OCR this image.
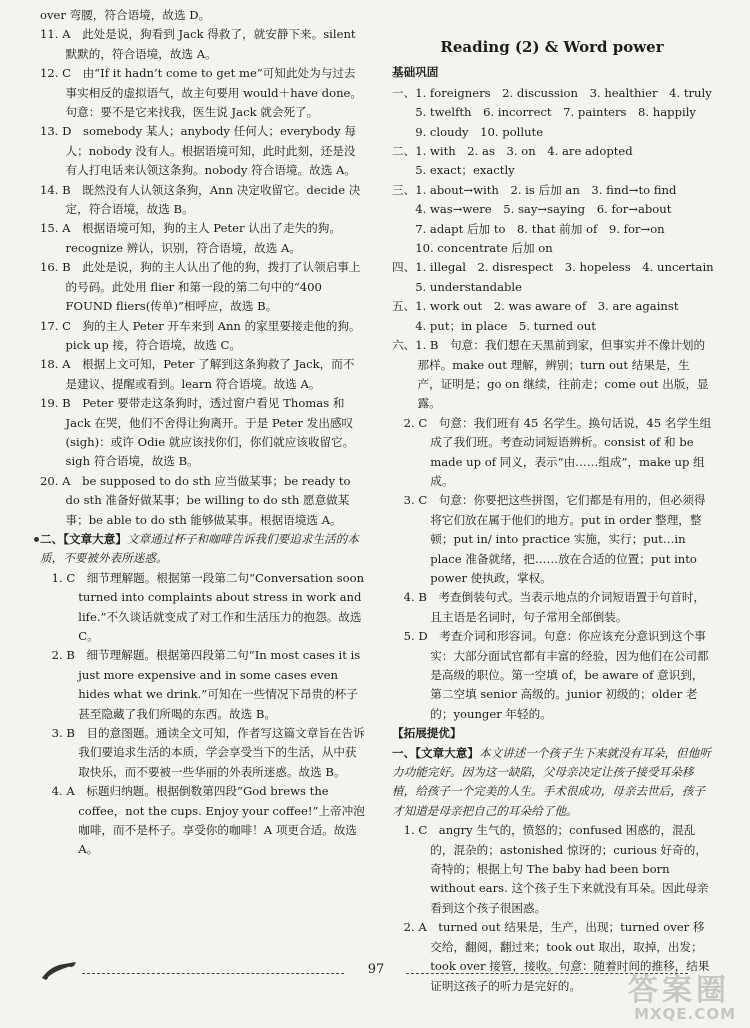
over 弯腰，符合语境，故选 D。

11. A　此处是说，狗看到 Jack 得救了，就安静下来。silent 默默的，符合语境，故选 A。

12. C　由“If it hadn’t come to get me”可知此处为与过去事实相反的虚拟语气，故主句要用 would＋have done。句意：要不是它来找我，医生说 Jack 就会死了。

13. D　somebody 某人；anybody 任何人；everybody 每人；nobody 没有人。根据语境可知，此时此刻，还是没有人打电话来认领这条狗。nobody 符合语境。故选 A。

14. B　既然没有人认领这条狗，Ann 决定收留它。decide 决定，符合语境，故选 B。

15. A　根据语境可知，狗的主人 Peter 认出了走失的狗。recognize 辨认，识别，符合语境，故选 A。

16. B　此处是说，狗的主人认出了他的狗，拨打了认领启事上的号码。此处用 flier 和第一段的第二句中的“400 FOUND fliers(传单)”相呼应，故选 B。

17. C　狗的主人 Peter 开车来到 Ann 的家里要接走他的狗。pick up 接，符合语境，故选 C。

18. A　根据上文可知，Peter 了解到这条狗救了 Jack，而不是建议、提醒或看到。learn 符合语境。故选 A。

19. B　Peter 要带走这条狗时，透过窗户看见 Thomas 和 Jack 在哭，他们不舍得让狗离开。于是 Peter 发出感叹(sigh)：或许 Odie 就应该找你们，你们就应该收留它。sigh 符合语境，故选 B。

20. A　be supposed to do sth 应当做某事；be ready to do sth 准备好做某事；be willing to do sth 愿意做某事；be able to do sth 能够做某事。根据语境选 A。

二、【文章大意】文章通过杯子和咖啡告诉我们要追求生活的本质，不要被外表所迷惑。

1. C　细节理解题。根据第一段第二句“Conversation soon turned into complaints about stress in work and life.”不久谈话就变成了对工作和生活压力的抱怨。故选 C。

2. B　细节理解题。根据第四段第二句“In most cases it is just more expensive and in some cases even hides what we drink.”可知在一些情况下昂贵的杯子甚至隐藏了我们所喝的东西。故选 B。

3. B　目的意图题。通读全文可知，作者写这篇文章旨在告诉我们要追求生活的本质，学会享受当下的生活，从中获取快乐，而不要被一些华丽的外表所迷惑。故选 B。

4. A　标题归纳题。根据倒数第四段“God brews the coffee，not the cups. Enjoy your coffee!”上帝冲泡咖啡，而不是杯子。享受你的咖啡！A 项更合适。故选 A。

Reading (2) & Word power

基础巩固

一、1. foreigners　2. discussion　3. healthier　4. truly

　　5. twelfth　6. incorrect　7. painters　8. happily

　　9. cloudy　10. pollute

二、1. with　2. as　3. on　4. are adopted

　　5. exact；exactly

三、1. about→with　2. is 后加 an　3. find→to find

　　4. was→were　5. say→saying　6. for→about

　　7. adapt 后加 to　8. that 前加 of　9. for→on

　　10. concentrate 后加 on

四、1. illegal　2. disrespect　3. hopeless　4. uncertain

　　5. understandable

五、1. work out　2. was aware of　3. are against

　　4. put；in place　5. turned out

六、1. B　句意：我们想在天黑前到家，但事实并不像计划的那样。make out 理解，辨别；turn out 结果是，生产，证明是；go on 继续，往前走；come out 出版，显露。

2. C　句意：我们班有 45 名学生。换句话说，45 名学生组成了我们班。考查动词短语辨析。consist of 和 be made up of 同义，表示“由……组成”，make up 组成。

3. C　句意：你要把这些拼图，它们都是有用的，但必须得将它们放在属于他们的地方。put in order 整理，整顿；put in/ into practice 实施，实行；put…in place 准备就绪，把……放在合适的位置；put into power 使执政，掌权。

4. B　考查倒装句式。当表示地点的介词短语置于句首时，且主语是名词时，句子常用全部倒装。

5. D　考查介词和形容词。句意：你应该充分意识到这个事实：大部分面试官都有丰富的经验，因为他们在公司都是高级的职位。第一空填 of，be aware of 意识到，第二空填 senior 高级的。junior 初级的；older 老的；younger 年轻的。

【拓展提优】

一、【文章大意】本文讲述一个孩子生下来就没有耳朵，但他听力功能完好。因为这一缺陷，父母亲决定让孩子接受耳朵移植，给孩子一个完美的人生。手术很成功，母亲去世后，孩子才知道是母亲把自己的耳朵给了他。

1. C　angry 生气的，愤怒的；confused 困惑的，混乱的，混杂的；astonished 惊讶的；curious 好奇的，奇特的；根据上句 The baby had been born without ears. 这个孩子生下来就没有耳朵。因此母亲看到这个孩子很困惑。

2. A　turned out 结果是，生产，出现；turned over 移交给，翻阅，翻过来；took out 取出，取掉，出发；took over 接管，接收。句意：随着时间的推移，结果证明这孩子的听力是完好的。

97
答案圈
MXQE.COM
